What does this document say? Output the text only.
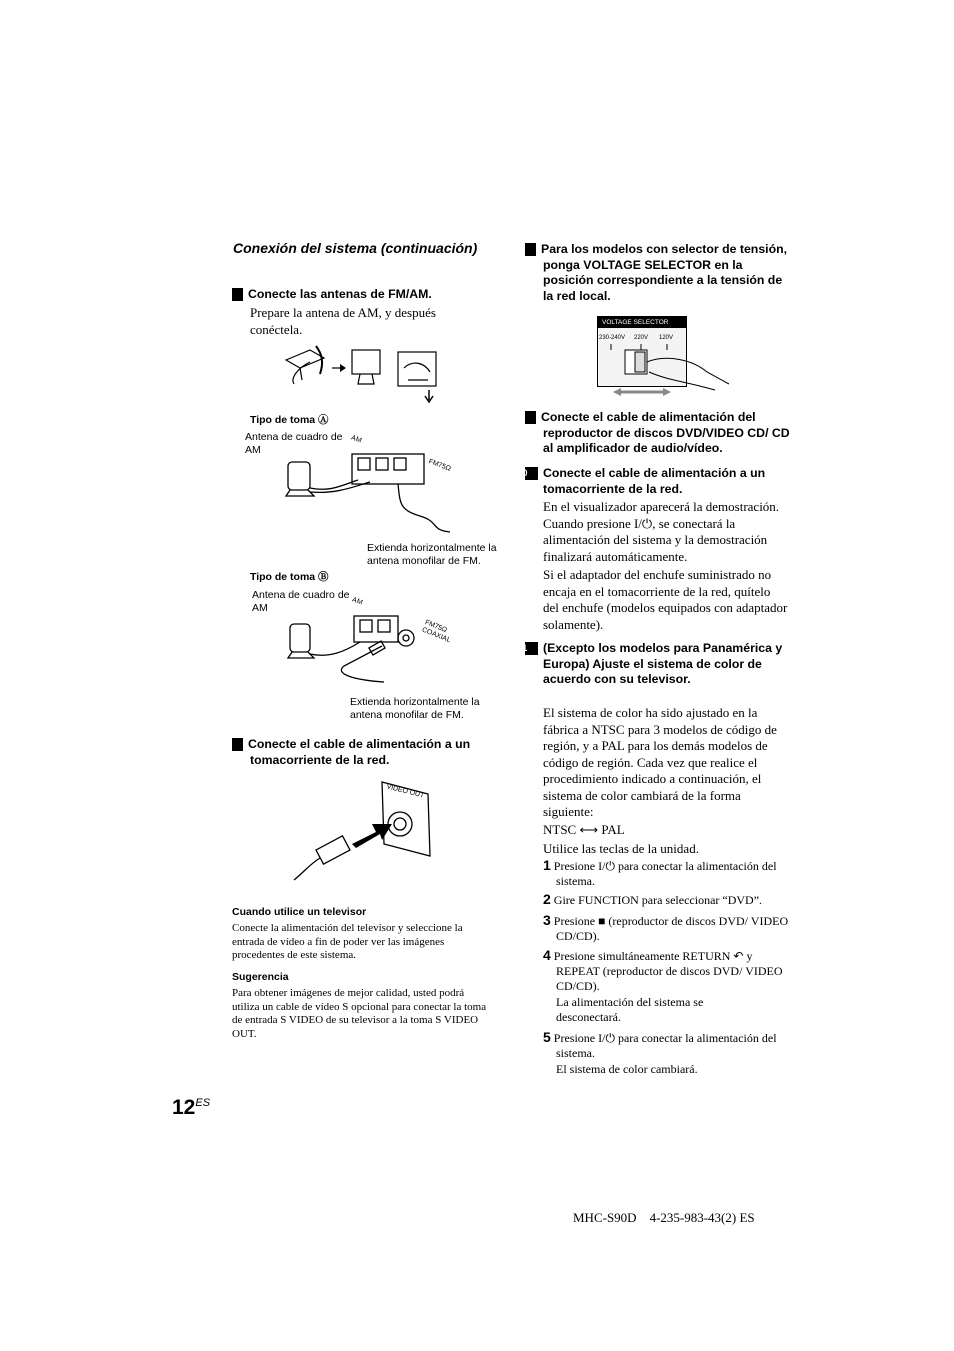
Conexión del sistema (continuación)
6 Conecte las antenas de FM/AM.
Prepare la antena de AM, y después conéctela.
Tipo de toma Ⓐ
Antena de cuadro de AM
AM
FM75Ω
Extienda horizontalmente la antena monofilar de FM.
Tipo de toma Ⓑ
Antena de cuadro de AM	AM
FM75Ω COAXIAL
Extienda horizontalmente la antena monofilar de FM.
7 Conecte el cable de alimentación a un tomacorriente de la red.
VIDEO OUT
Cuando utilice un televisor
Conecte la alimentación del televisor y seleccione la entrada de vídeo a fin de poder ver las imágenes procedentes de este sistema.
Sugerencia
Para obtener imágenes de mejor calidad, usted podrá utiliza un cable de vídeo S opcional para conectar la toma de entrada S VIDEO de su televisor a la toma S VIDEO OUT.
8 Para los modelos con selector de tensión, ponga VOLTAGE SELECTOR en la posición correspondiente a la tensión de la red local.
VOLTAGE SELECTOR
230-240V 220V 120V
9 Conecte el cable de alimentación del reproductor de discos DVD/VIDEO CD/ CD al amplificador de audio/vídeo.
10 Conecte el cable de alimentación a un tomacorriente de la red.
En el visualizador aparecerá la demostración. Cuando presione I/⏻, se conectará la alimentación del sistema y la demostración finalizará automáticamente.
Si el adaptador del enchufe suministrado no encaja en el tomacorriente de la red, quítelo del enchufe (modelos equipados con adaptador solamente).
11 (Excepto los modelos para Panamérica y Europa) Ajuste el sistema de color de acuerdo con su televisor.
El sistema de color ha sido ajustado en la fábrica a NTSC para 3 modelos de código de región, y a PAL para los demás modelos de código de región. Cada vez que realice el procedimiento indicado a continuación, el sistema de color cambiará de la forma siguiente:
NTSC ⟷ PAL
Utilice las teclas de la unidad.
1 Presione I/⏻ para conectar la alimentación del sistema.
2 Gire FUNCTION para seleccionar “DVD”.
3 Presione ■ (reproductor de discos DVD/ VIDEO CD/CD).
4 Presione simultáneamente RETURN ↶ y REPEAT (reproductor de discos DVD/ VIDEO CD/CD).
La alimentación del sistema se desconectará.
5 Presione I/⏻ para conectar la alimentación del sistema.
El sistema de color cambiará.
$12^{ES}$
MHC-S90D    4-235-983-43(2) ES
